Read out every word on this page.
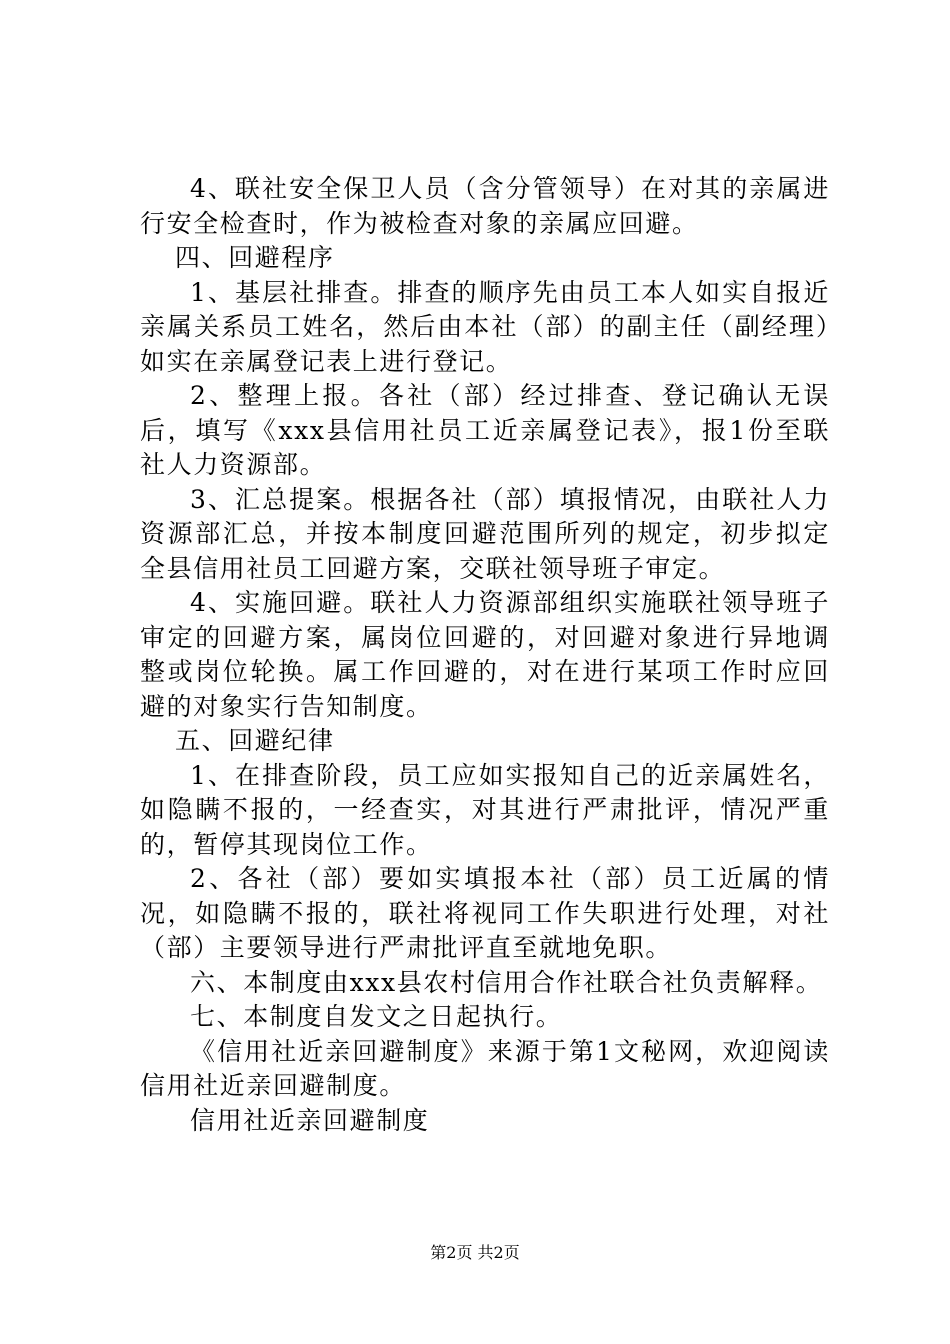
4、联社安全保卫人员（含分管领导）在对其的亲属进行安全检查时，作为被检查对象的亲属应回避。

四、回避程序

1、基层社排查。排查的顺序先由员工本人如实自报近亲属关系员工姓名，然后由本社（部）的副主任（副经理）如实在亲属登记表上进行登记。

2、整理上报。各社（部）经过排查、登记确认无误后，填写《xxx县信用社员工近亲属登记表》，报1份至联社人力资源部。

3、汇总提案。根据各社（部）填报情况，由联社人力资源部汇总，并按本制度回避范围所列的规定，初步拟定全县信用社员工回避方案，交联社领导班子审定。

4、实施回避。联社人力资源部组织实施联社领导班子审定的回避方案，属岗位回避的，对回避对象进行异地调整或岗位轮换。属工作回避的，对在进行某项工作时应回避的对象实行告知制度。

五、回避纪律

1、在排查阶段，员工应如实报知自己的近亲属姓名，如隐瞒不报的，一经查实，对其进行严肃批评，情况严重的，暂停其现岗位工作。

2、各社（部）要如实填报本社（部）员工近属的情况，如隐瞒不报的，联社将视同工作失职进行处理，对社（部）主要领导进行严肃批评直至就地免职。

六、本制度由xxx县农村信用合作社联合社负责解释。

七、本制度自发文之日起执行。

《信用社近亲回避制度》来源于第1文秘网，欢迎阅读信用社近亲回避制度。

信用社近亲回避制度

第2页 共2页
